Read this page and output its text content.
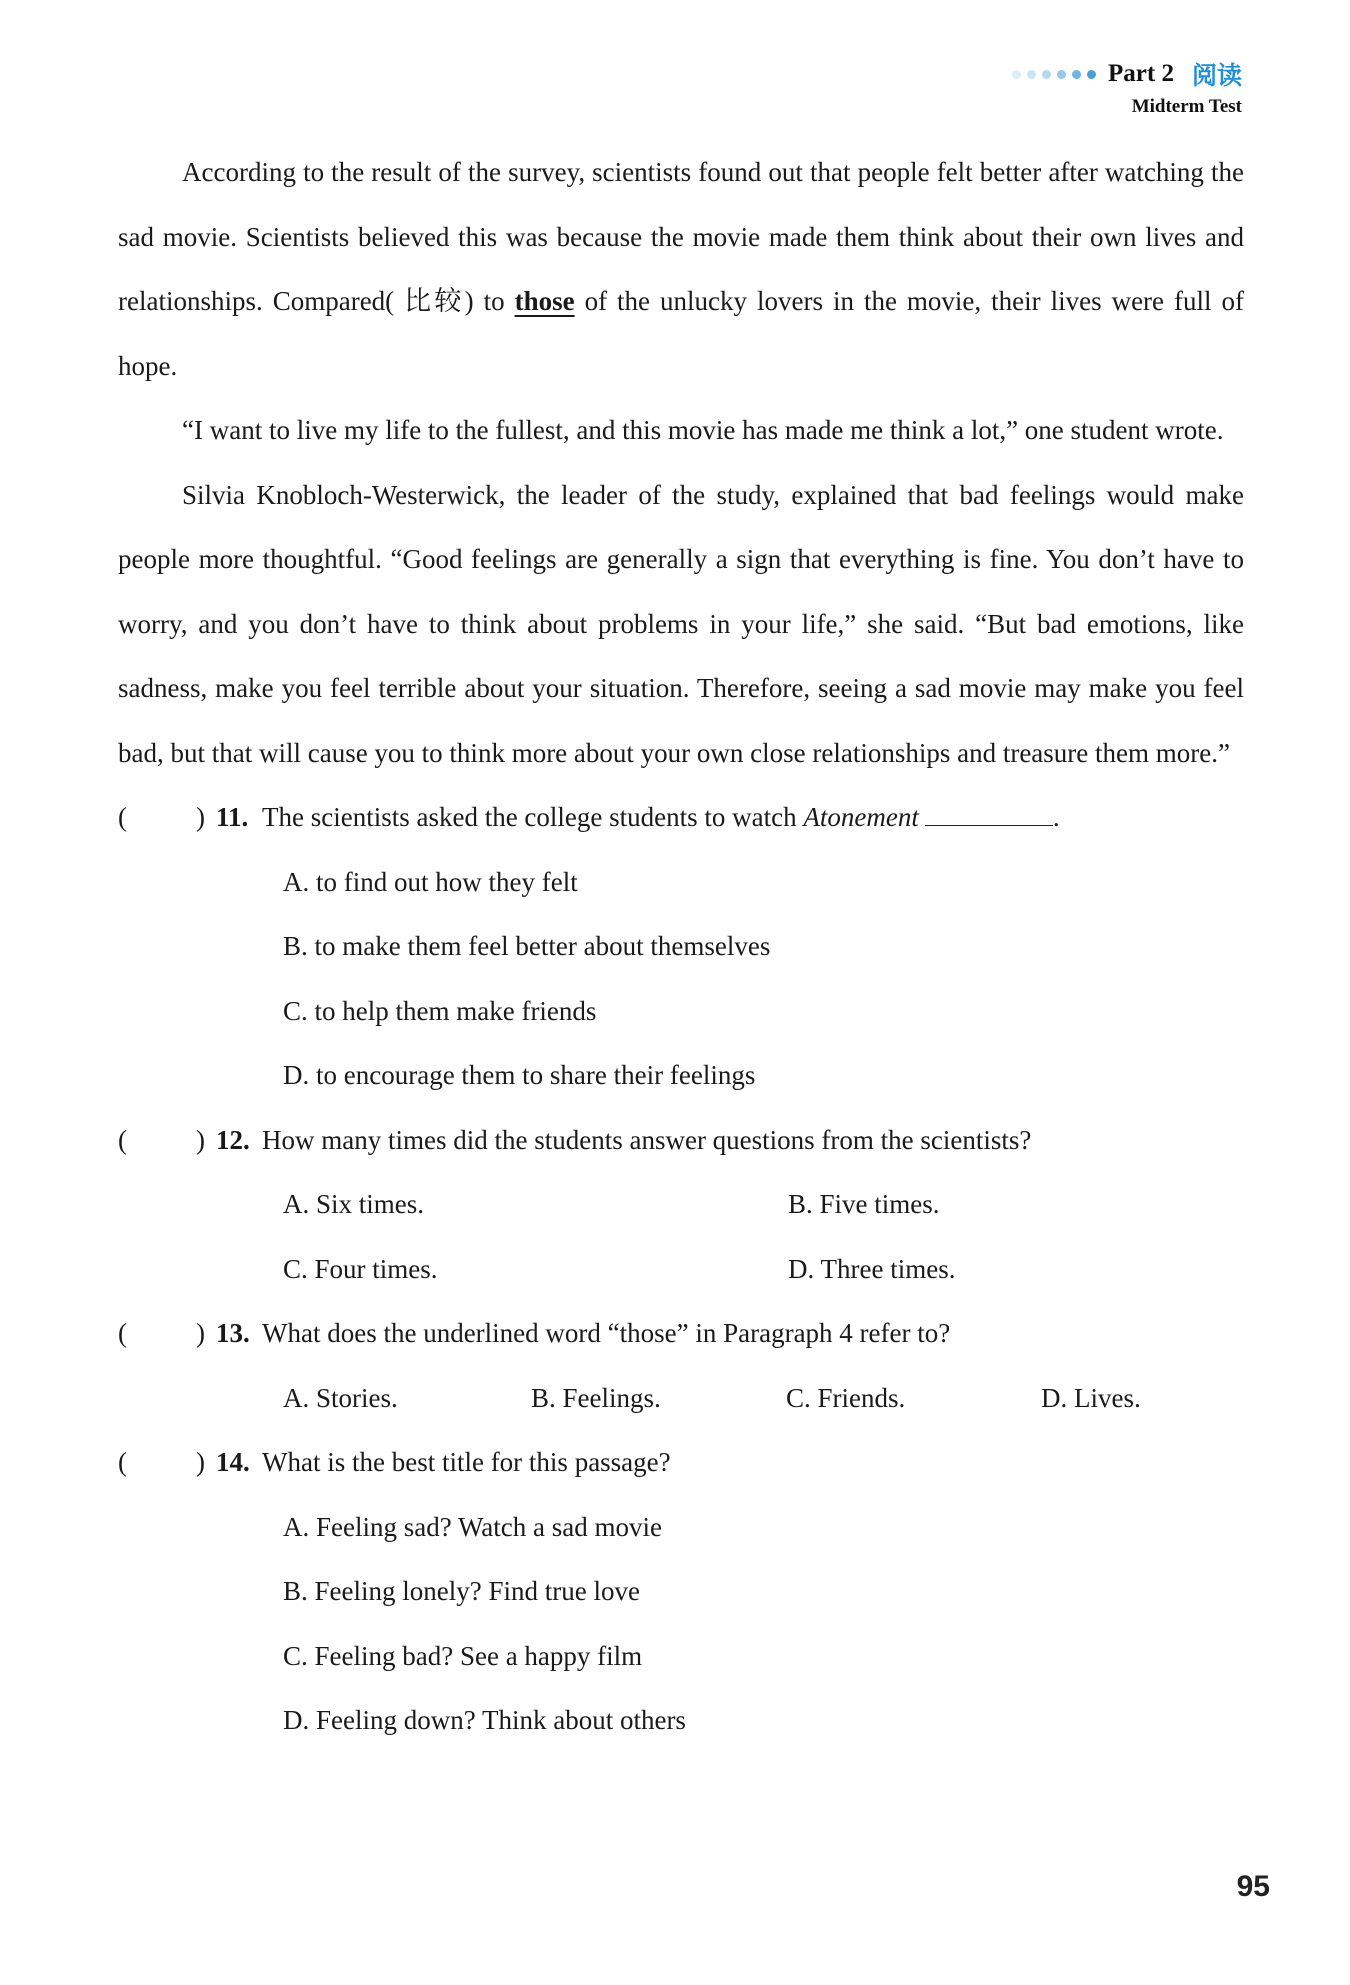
Part 2 阅读
Midterm Test

According to the result of the survey, scientists found out that people felt better after watching the sad movie. Scientists believed this was because the movie made them think about their own lives and relationships. Compared( 比较) to those of the unlucky lovers in the movie, their lives were full of hope.

“I want to live my life to the fullest, and this movie has made me think a lot,” one student wrote.

Silvia Knobloch-Westerwick, the leader of the study, explained that bad feelings would make people more thoughtful. “Good feelings are generally a sign that everything is fine. You don’t have to worry, and you don’t have to think about problems in your life,” she said. “But bad emotions, like sadness, make you feel terrible about your situation. Therefore, seeing a sad movie may make you feel bad, but that will cause you to think more about your own close relationships and treasure them more.”

(	) 11. The scientists asked the college students to watch Atonement	.

A. to find out how they felt

B. to make them feel better about themselves

C. to help them make friends

D. to encourage them to share their feelings

(	) 12. How many times did the students answer questions from the scientists?
A. Six times.	B. Five times.
C. Four times.	D. Three times.
(	) 13. What does the underlined word “those” in Paragraph 4 refer to?
A. Stories.	B. Feelings.	C. Friends.	D. Lives.
(	) 14. What is the best title for this passage?

A. Feeling sad? Watch a sad movie

B. Feeling lonely? Find true love

C. Feeling bad? See a happy film

D. Feeling down? Think about others

95
